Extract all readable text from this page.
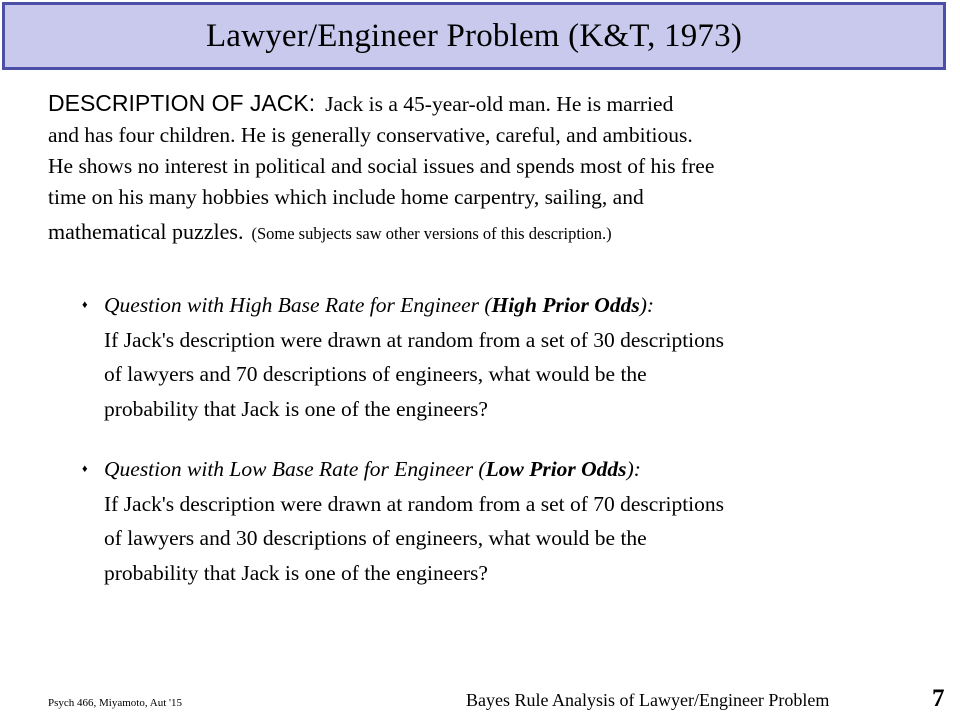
Lawyer/Engineer Problem (K&T, 1973)
DESCRIPTION OF JACK: Jack is a 45-year-old man. He is married
and has four children. He is generally conservative, careful, and ambitious.
He shows no interest in political and social issues and spends most of his free
time on his many hobbies which include home carpentry, sailing, and
mathematical puzzles. (Some subjects saw other versions of this description.)
♦ Question with High Base Rate for Engineer (High Prior Odds):
If Jack's description were drawn at random from a set of 30 descriptions
of lawyers and 70 descriptions of engineers, what would be the
probability that Jack is one of the engineers?
♦ Question with Low Base Rate for Engineer (Low Prior Odds):
If Jack's description were drawn at random from a set of 70 descriptions
of lawyers and 30 descriptions of engineers, what would be the
probability that Jack is one of the engineers?
Psych 466, Miyamoto, Aut '15	Bayes Rule Analysis of Lawyer/Engineer Problem	7
